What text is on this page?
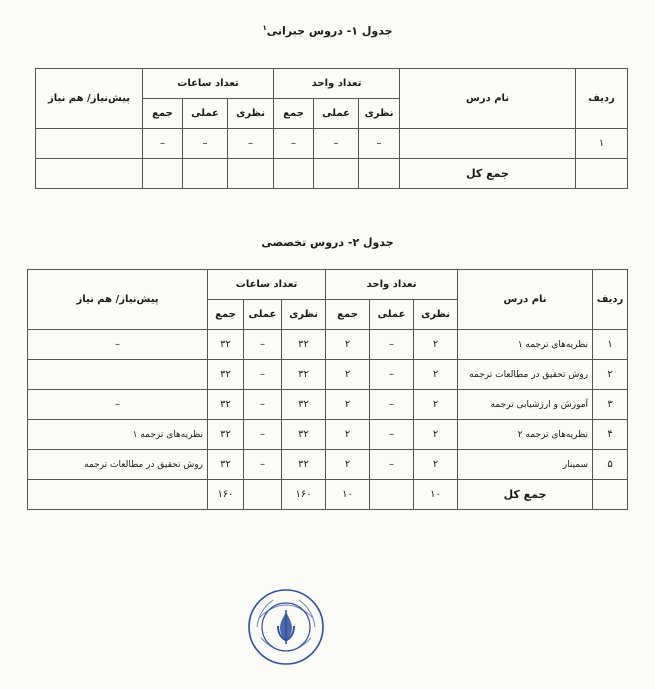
جدول ۱- دروس جبرانی$^۱$
ردیف	نام درس	تعداد واحد			تعداد ساعات			پیش‌نیاز/ هم نیاز
		نظری	عملی	جمع	نظری	عملی	جمع	
۱		–	–	–	–	–	–	
	جمع کل							
جدول ۲- دروس تخصصی
ردیف	نام درس	تعداد واحد			تعداد ساعات			پیش‌نیاز/ هم نیاز
		نظری	عملی	جمع	نظری	عملی	جمع	
۱	نظریه‌های ترجمه ۱	۲	–	۲	۳۲	–	۳۲	–
۲	روش تحقیق در مطالعات ترجمه	۲	–	۲	۳۲	–	۳۲	
۳	آموزش و ارزشیابی ترجمه	۲	–	۲	۳۲	–	۳۲	–
۴	نظریه‌های ترجمه ۲	۲	–	۲	۳۲	–	۳۲	نظریه‌های ترجمه ۱
۵	سمینار	۲	–	۲	۳۲	–	۳۲	روش تحقیق در مطالعات ترجمه
	جمع کل	۱۰		۱۰	۱۶۰		۱۶۰	
